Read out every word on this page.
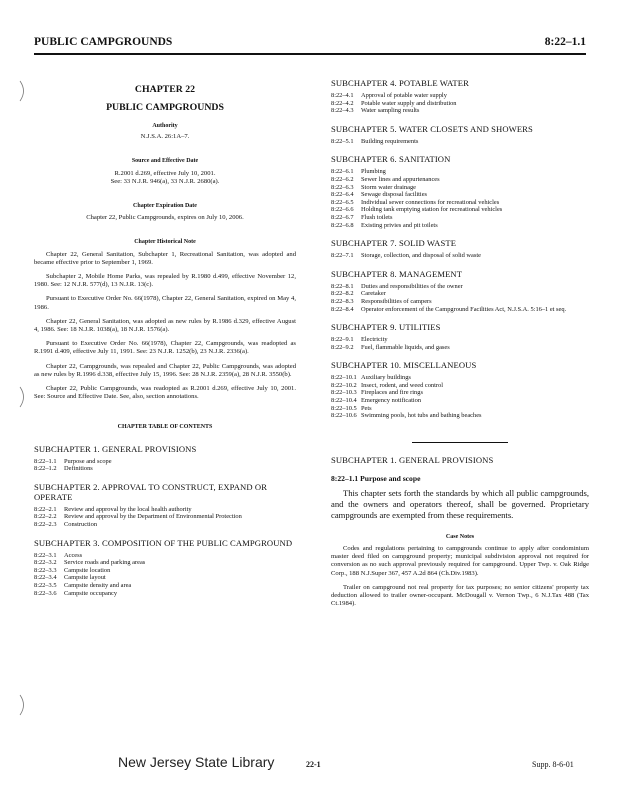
PUBLIC CAMPGROUNDS	8:22–1.1
CHAPTER 22
PUBLIC CAMPGROUNDS
Authority
N.J.S.A. 26:1A–7.
Source and Effective Date
R.2001 d.269, effective July 10, 2001.
See: 33 N.J.R. 946(a), 33 N.J.R. 2680(a).
Chapter Expiration Date
Chapter 22, Public Campgrounds, expires on July 10, 2006.
Chapter Historical Note

Chapter 22, General Sanitation, Subchapter 1, Recreational Sanitation, was adopted and became effective prior to September 1, 1969.

Subchapter 2, Mobile Home Parks, was repealed by R.1980 d.499, effective November 12, 1980. See: 12 N.J.R. 577(d), 13 N.J.R. 13(c).

Pursuant to Executive Order No. 66(1978), Chapter 22, General Sanitation, expired on May 4, 1986.

Chapter 22, General Sanitation, was adopted as new rules by R.1986 d.329, effective August 4, 1986. See: 18 N.J.R. 1038(a), 18 N.J.R. 1576(a).

Pursuant to Executive Order No. 66(1978), Chapter 22, Campgrounds, was readopted as R.1991 d.409, effective July 11, 1991. See: 23 N.J.R. 1252(b), 23 N.J.R. 2336(a).

Chapter 22, Campgrounds, was repealed and Chapter 22, Public Campgrounds, was adopted as new rules by R.1996 d.338, effective July 15, 1996. See: 28 N.J.R. 2359(a), 28 N.J.R. 3550(b).

Chapter 22, Public Campgrounds, was readopted as R.2001 d.269, effective July 10, 2001. See: Source and Effective Date. See, also, section annotations.

CHAPTER TABLE OF CONTENTS
SUBCHAPTER 1. GENERAL PROVISIONS
8:22–1.1	Purpose and scope
8:22–1.2	Definitions
SUBCHAPTER 2. APPROVAL TO CONSTRUCT, EXPAND OR OPERATE
8:22–2.1	Review and approval by the local health authority
8:22–2.2	Review and approval by the Department of Environmental Protection
8:22–2.3	Construction
SUBCHAPTER 3. COMPOSITION OF THE PUBLIC CAMPGROUND
8:22–3.1	Access
8:22–3.2	Service roads and parking areas
8:22–3.3	Campsite location
8:22–3.4	Campsite layout
8:22–3.5	Campsite density and area
8:22–3.6	Campsite occupancy
SUBCHAPTER 4. POTABLE WATER
8:22–4.1	Approval of potable water supply
8:22–4.2	Potable water supply and distribution
8:22–4.3	Water sampling results
SUBCHAPTER 5. WATER CLOSETS AND SHOWERS
8:22–5.1	Building requirements
SUBCHAPTER 6. SANITATION
8:22–6.1	Plumbing
8:22–6.2	Sewer lines and appurtenances
8:22–6.3	Storm water drainage
8:22–6.4	Sewage disposal facilities
8:22–6.5	Individual sewer connections for recreational vehicles
8:22–6.6	Holding tank emptying station for recreational vehicles
8:22–6.7	Flush toilets
8:22–6.8	Existing privies and pit toilets
SUBCHAPTER 7. SOLID WASTE
8:22–7.1	Storage, collection, and disposal of solid waste
SUBCHAPTER 8. MANAGEMENT
8:22–8.1	Duties and responsibilities of the owner
8:22–8.2	Caretaker
8:22–8.3	Responsibilities of campers
8:22–8.4	Operator enforcement of the Campground Facilities Act, N.J.S.A. 5:16–1 et seq.
SUBCHAPTER 9. UTILITIES
8:22–9.1	Electricity
8:22–9.2	Fuel, flammable liquids, and gases
SUBCHAPTER 10. MISCELLANEOUS
8:22–10.1 Auxiliary buildings
8:22–10.2 Insect, rodent, and weed control
8:22–10.3 Fireplaces and fire rings
8:22–10.4 Emergency notification
8:22–10.5 Pets
8:22–10.6 Swimming pools, hot tubs and bathing beaches
SUBCHAPTER 1. GENERAL PROVISIONS
8:22–1.1 Purpose and scope

This chapter sets forth the standards by which all public campgrounds, and the owners and operators thereof, shall be governed. Proprietary campgrounds are exempted from these requirements.

Case Notes

Codes and regulations pertaining to campgrounds continue to apply after condominium master deed filed on campground property; municipal subdivision approval not required for conversion as no such approval previously required for campground. Upper Twp. v. Oak Ridge Corp., 188 N.J.Super 367, 457 A.2d 864 (Ch.Div.1983).

Trailer on campground not real property for tax purposes; no senior citizens' property tax deduction allowed to trailer owner-occupant. McDougall v. Vernon Twp., 6 N.J.Tax 488 (Tax Ct.1984).

New Jersey State Library	22-1	Supp. 8-6-01
